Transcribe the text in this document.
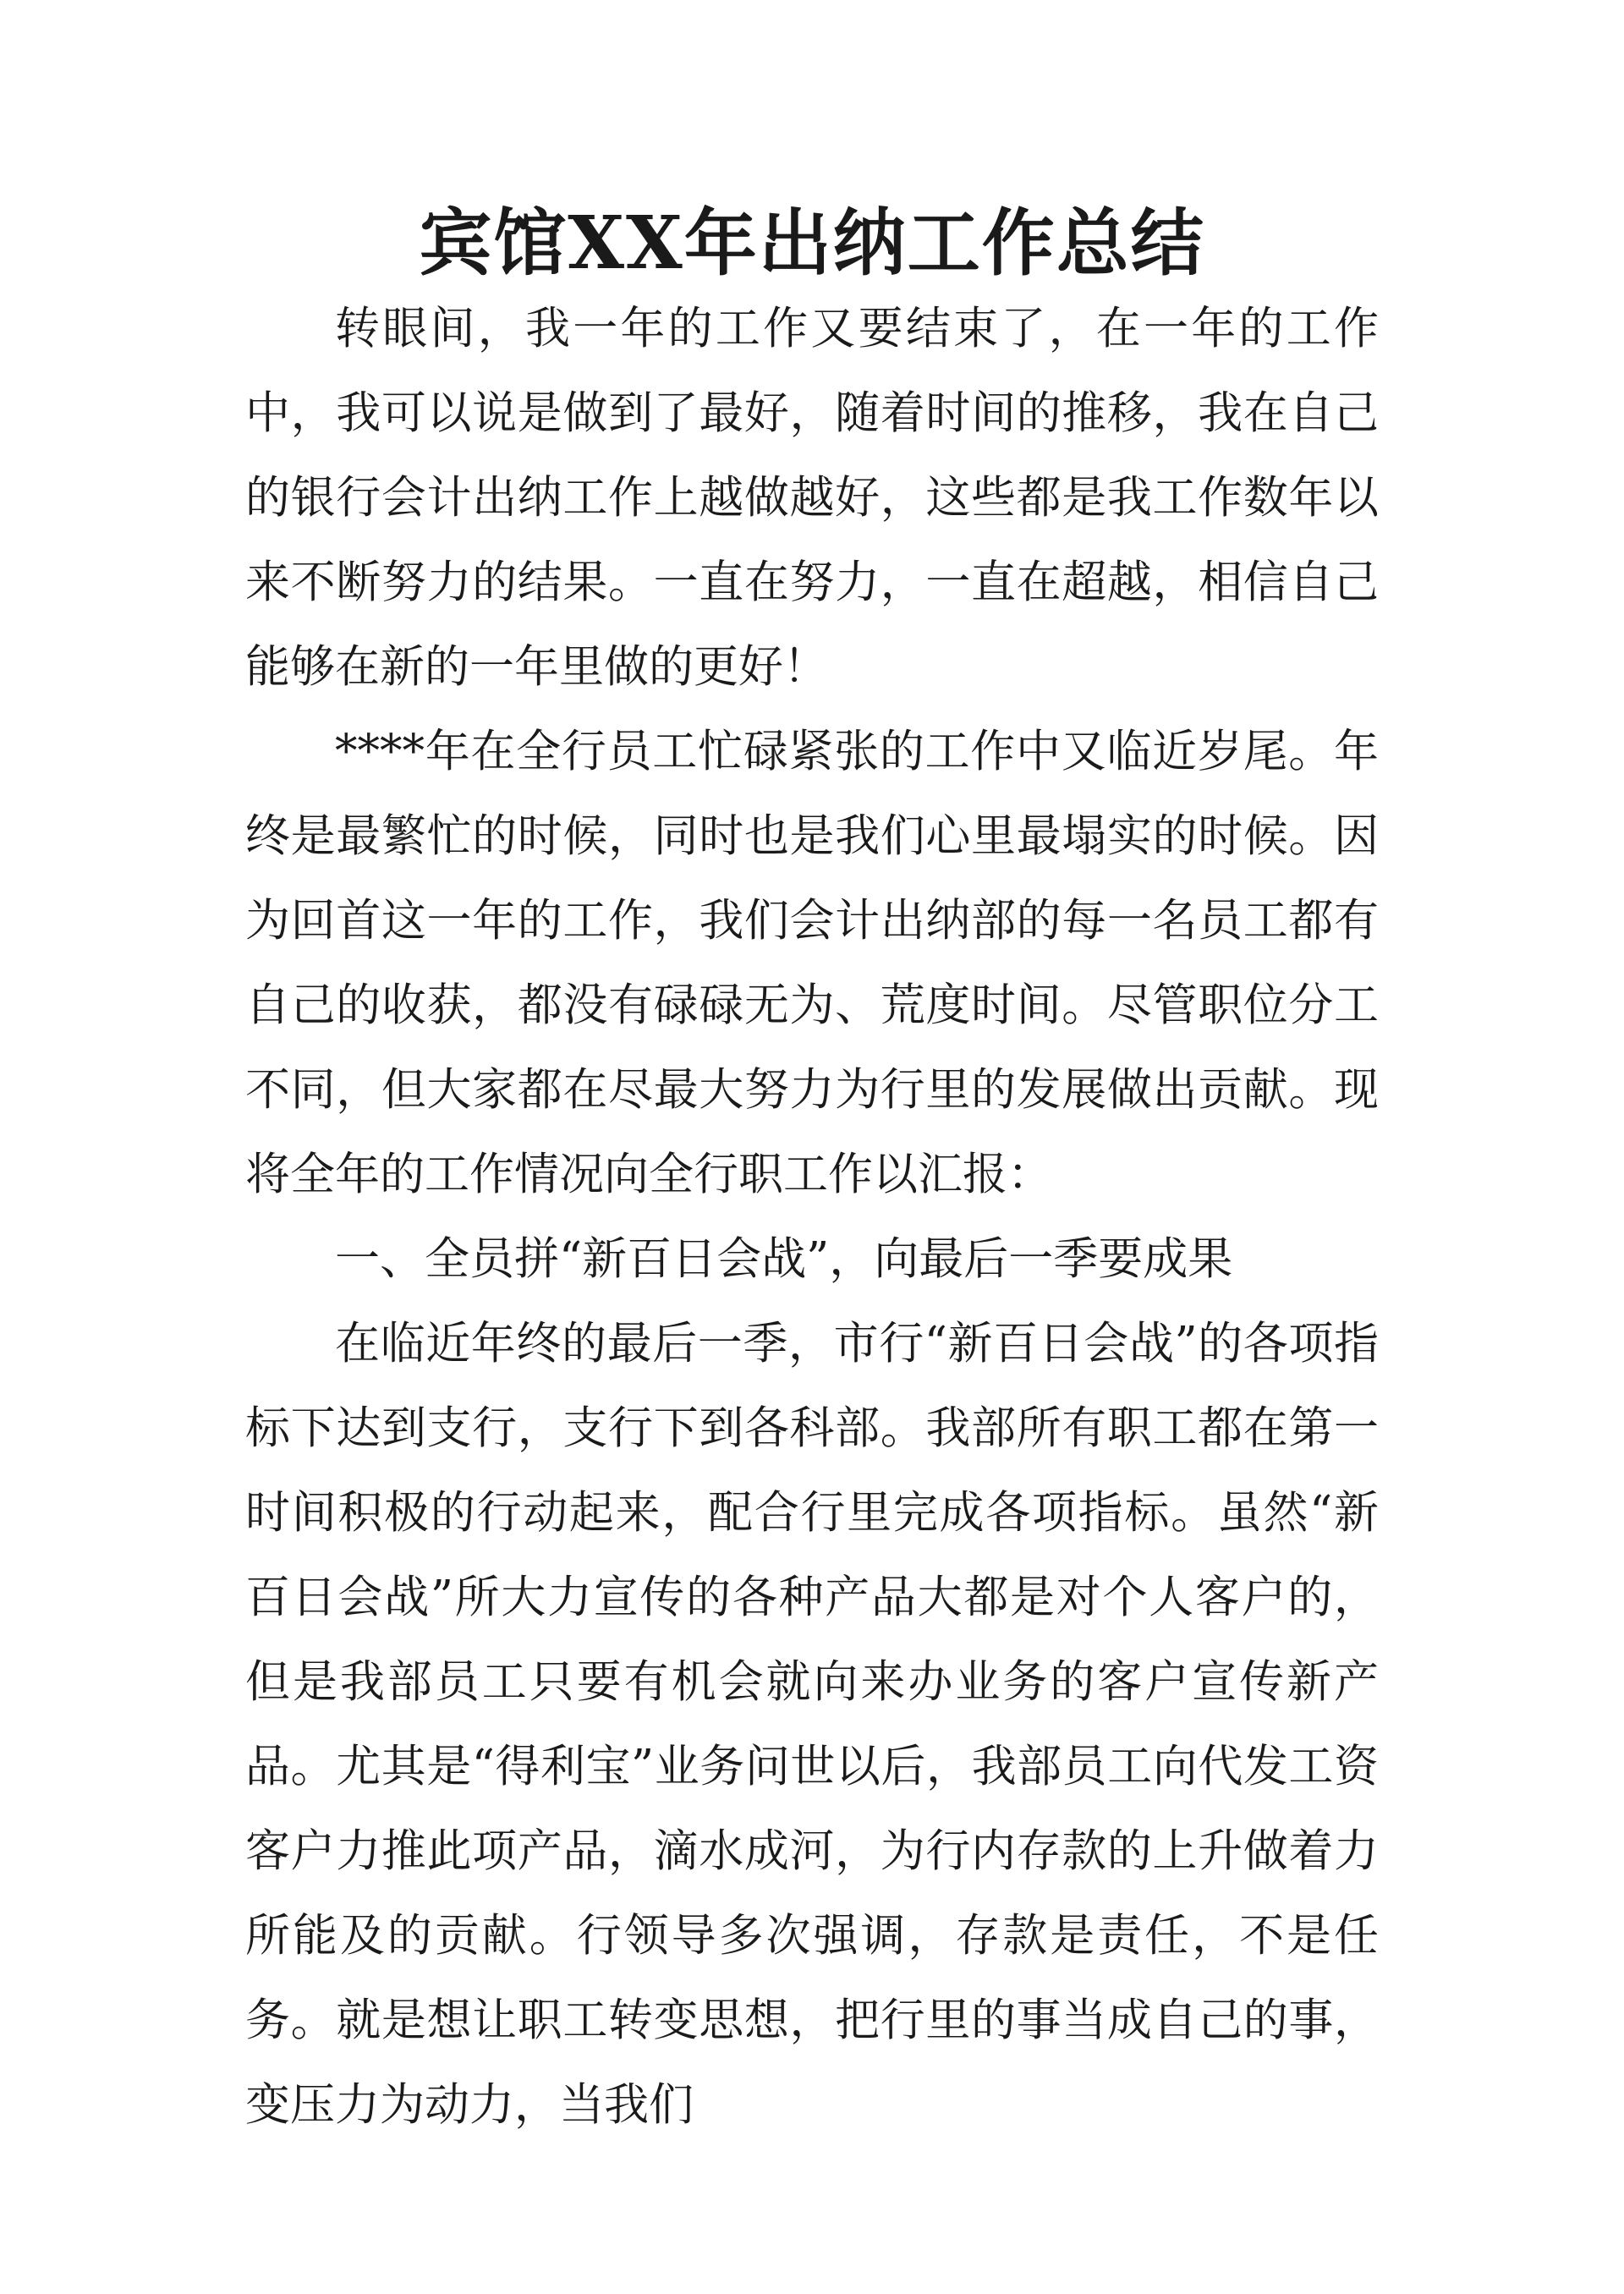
宾馆XX年出纳工作总结

转眼间，我一年的工作又要结束了，在一年的工作中，我可以说是做到了最好，随着时间的推移，我在自己的银行会计出纳工作上越做越好，这些都是我工作数年以来不断努力的结果。一直在努力，一直在超越，相信自己能够在新的一年里做的更好！

****年在全行员工忙碌紧张的工作中又临近岁尾。年终是最繁忙的时候，同时也是我们心里最塌实的时候。因为回首这一年的工作，我们会计出纳部的每一名员工都有自己的收获，都没有碌碌无为、荒度时间。尽管职位分工不同，但大家都在尽最大努力为行里的发展做出贡献。现将全年的工作情况向全行职工作以汇报：

一、全员拼“新百日会战”，向最后一季要成果

在临近年终的最后一季，市行“新百日会战”的各项指标下达到支行，支行下到各科部。我部所有职工都在第一时间积极的行动起来，配合行里完成各项指标。虽然“新百日会战”所大力宣传的各种产品大都是对个人客户的，但是我部员工只要有机会就向来办业务的客户宣传新产品。尤其是“得利宝”业务问世以后，我部员工向代发工资客户力推此项产品，滴水成河，为行内存款的上升做着力所能及的贡献。行领导多次强调，存款是责任，不是任务。就是想让职工转变思想，把行里的事当成自己的事，变压力为动力，当我们
